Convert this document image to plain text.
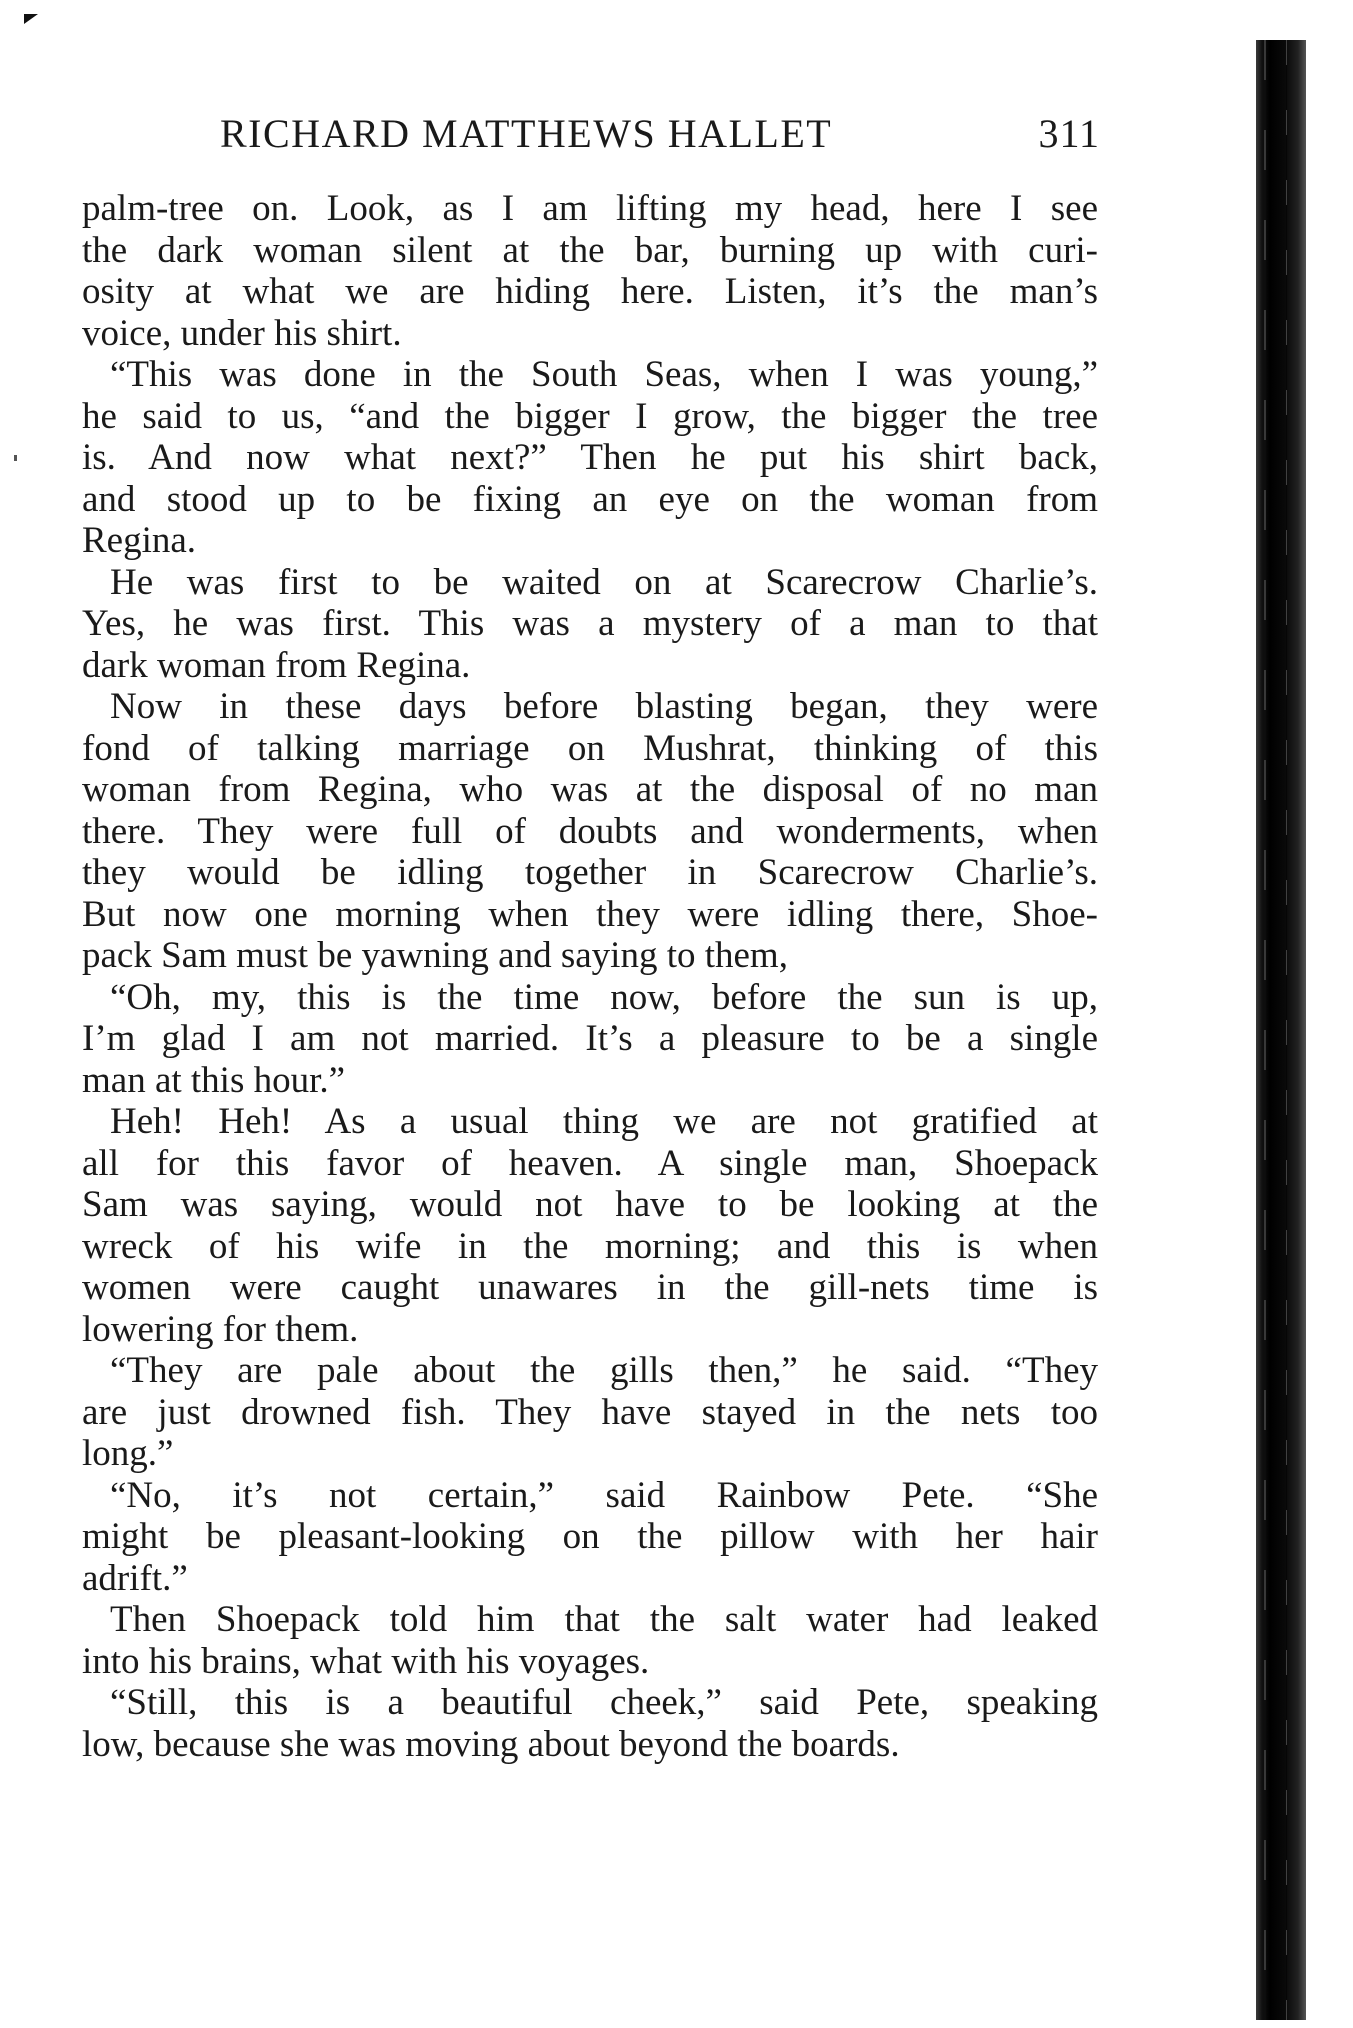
RICHARD MATTHEWS HALLET	311
palm-tree on. Look, as I am lifting my head, here I see
the dark woman silent at the bar, burning up with curi-
osity at what we are hiding here. Listen, it’s the man’s
voice, under his shirt.
“This was done in the South Seas, when I was young,”
he said to us, “and the bigger I grow, the bigger the tree
is. And now what next?” Then he put his shirt back,
and stood up to be fixing an eye on the woman from
Regina.
He was first to be waited on at Scarecrow Charlie’s.
Yes, he was first. This was a mystery of a man to that
dark woman from Regina.
Now in these days before blasting began, they were
fond of talking marriage on Mushrat, thinking of this
woman from Regina, who was at the disposal of no man
there. They were full of doubts and wonderments, when
they would be idling together in Scarecrow Charlie’s.
But now one morning when they were idling there, Shoe-
pack Sam must be yawning and saying to them,
“Oh, my, this is the time now, before the sun is up,
I’m glad I am not married. It’s a pleasure to be a single
man at this hour.”
Heh! Heh! As a usual thing we are not gratified at
all for this favor of heaven. A single man, Shoepack
Sam was saying, would not have to be looking at the
wreck of his wife in the morning; and this is when
women were caught unawares in the gill-nets time is
lowering for them.
“They are pale about the gills then,” he said. “They
are just drowned fish. They have stayed in the nets too
long.”
“No, it’s not certain,” said Rainbow Pete. “She
might be pleasant-looking on the pillow with her hair
adrift.”
Then Shoepack told him that the salt water had leaked
into his brains, what with his voyages.
“Still, this is a beautiful cheek,” said Pete, speaking
low, because she was moving about beyond the boards.
